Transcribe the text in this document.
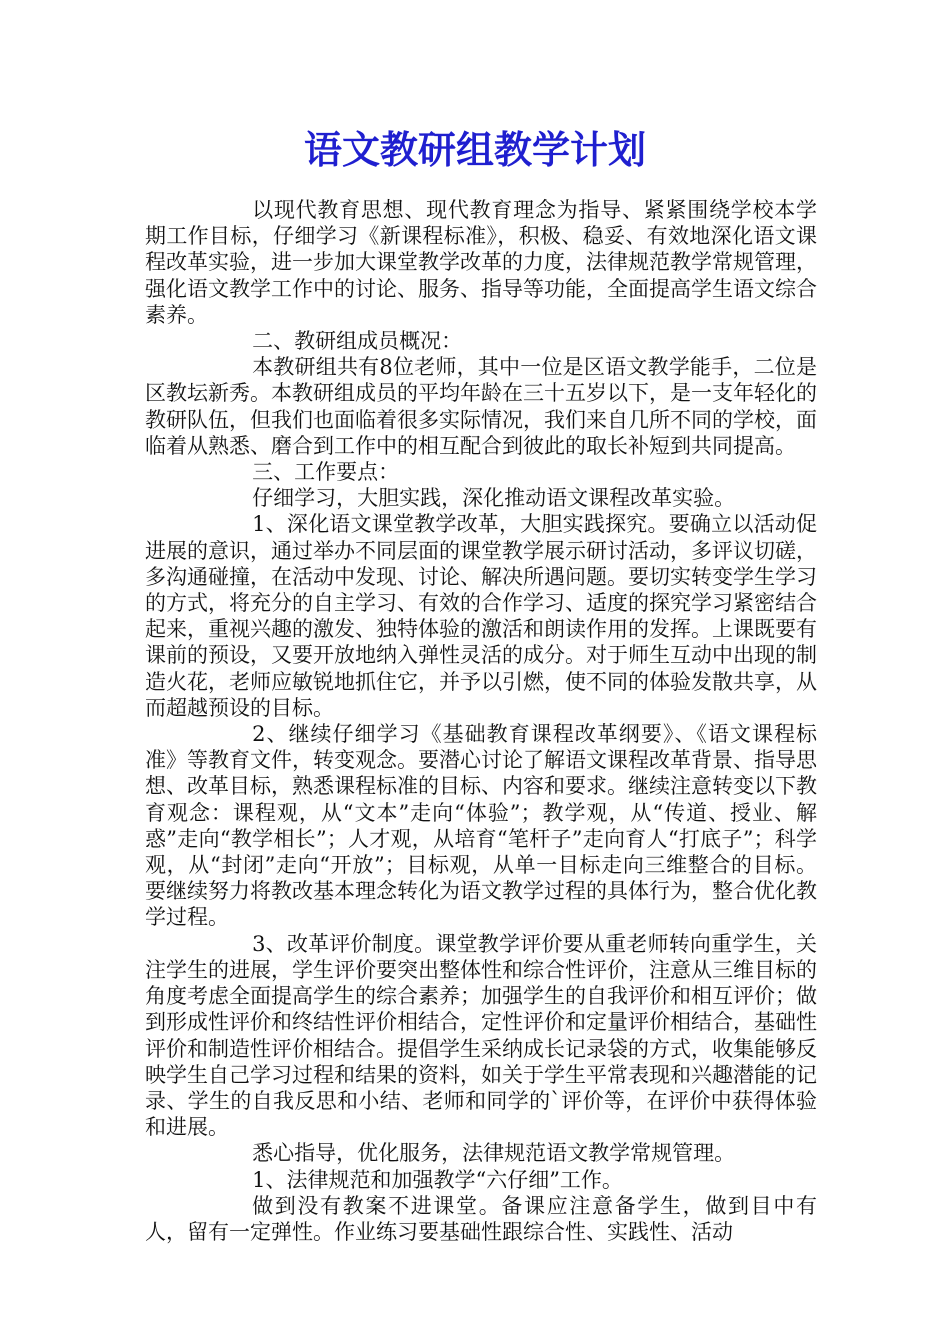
语文教研组教学计划

以现代教育思想、现代教育理念为指导、紧紧围绕学校本学期工作目标，仔细学习《新课程标准》，积极、稳妥、有效地深化语文课程改革实验，进一步加大课堂教学改革的力度，法律规范教学常规管理，强化语文教学工作中的讨论、服务、指导等功能，全面提高学生语文综合素养。

二、教研组成员概况：

本教研组共有8位老师，其中一位是区语文教学能手，二位是区教坛新秀。本教研组成员的平均年龄在三十五岁以下，是一支年轻化的教研队伍，但我们也面临着很多实际情况，我们来自几所不同的学校，面临着从熟悉、磨合到工作中的相互配合到彼此的取长补短到共同提高。

三、工作要点：

仔细学习，大胆实践，深化推动语文课程改革实验。

1、深化语文课堂教学改革，大胆实践探究。要确立以活动促进展的意识，通过举办不同层面的课堂教学展示研讨活动，多评议切磋，多沟通碰撞，在活动中发现、讨论、解决所遇问题。要切实转变学生学习的方式，将充分的自主学习、有效的合作学习、适度的探究学习紧密结合起来，重视兴趣的激发、独特体验的激活和朗读作用的发挥。上课既要有课前的预设，又要开放地纳入弹性灵活的成分。对于师生互动中出现的制造火花，老师应敏锐地抓住它，并予以引燃，使不同的体验发散共享，从而超越预设的目标。

2、继续仔细学习《基础教育课程改革纲要》、《语文课程标准》等教育文件，转变观念。要潜心讨论了解语文课程改革背景、指导思想、改革目标，熟悉课程标准的目标、内容和要求。继续注意转变以下教育观念：课程观，从“文本”走向“体验”；教学观，从“传道、授业、解惑”走向“教学相长”；人才观，从培育“笔杆子”走向育人“打底子”；科学观，从“封闭”走向“开放”；目标观，从单一目标走向三维整合的目标。要继续努力将教改基本理念转化为语文教学过程的具体行为，整合优化教学过程。

3、改革评价制度。课堂教学评价要从重老师转向重学生，关注学生的进展，学生评价要突出整体性和综合性评价，注意从三维目标的角度考虑全面提高学生的综合素养；加强学生的自我评价和相互评价；做到形成性评价和终结性评价相结合，定性评价和定量评价相结合，基础性评价和制造性评价相结合。提倡学生采纳成长记录袋的方式，收集能够反映学生自己学习过程和结果的资料，如关于学生平常表现和兴趣潜能的记录、学生的自我反思和小结、老师和同学的`评价等，在评价中获得体验和进展。

悉心指导，优化服务，法律规范语文教学常规管理。

1、法律规范和加强教学“六仔细”工作。

做到没有教案不进课堂。备课应注意备学生，做到目中有人，留有一定弹性。作业练习要基础性跟综合性、实践性、活动
